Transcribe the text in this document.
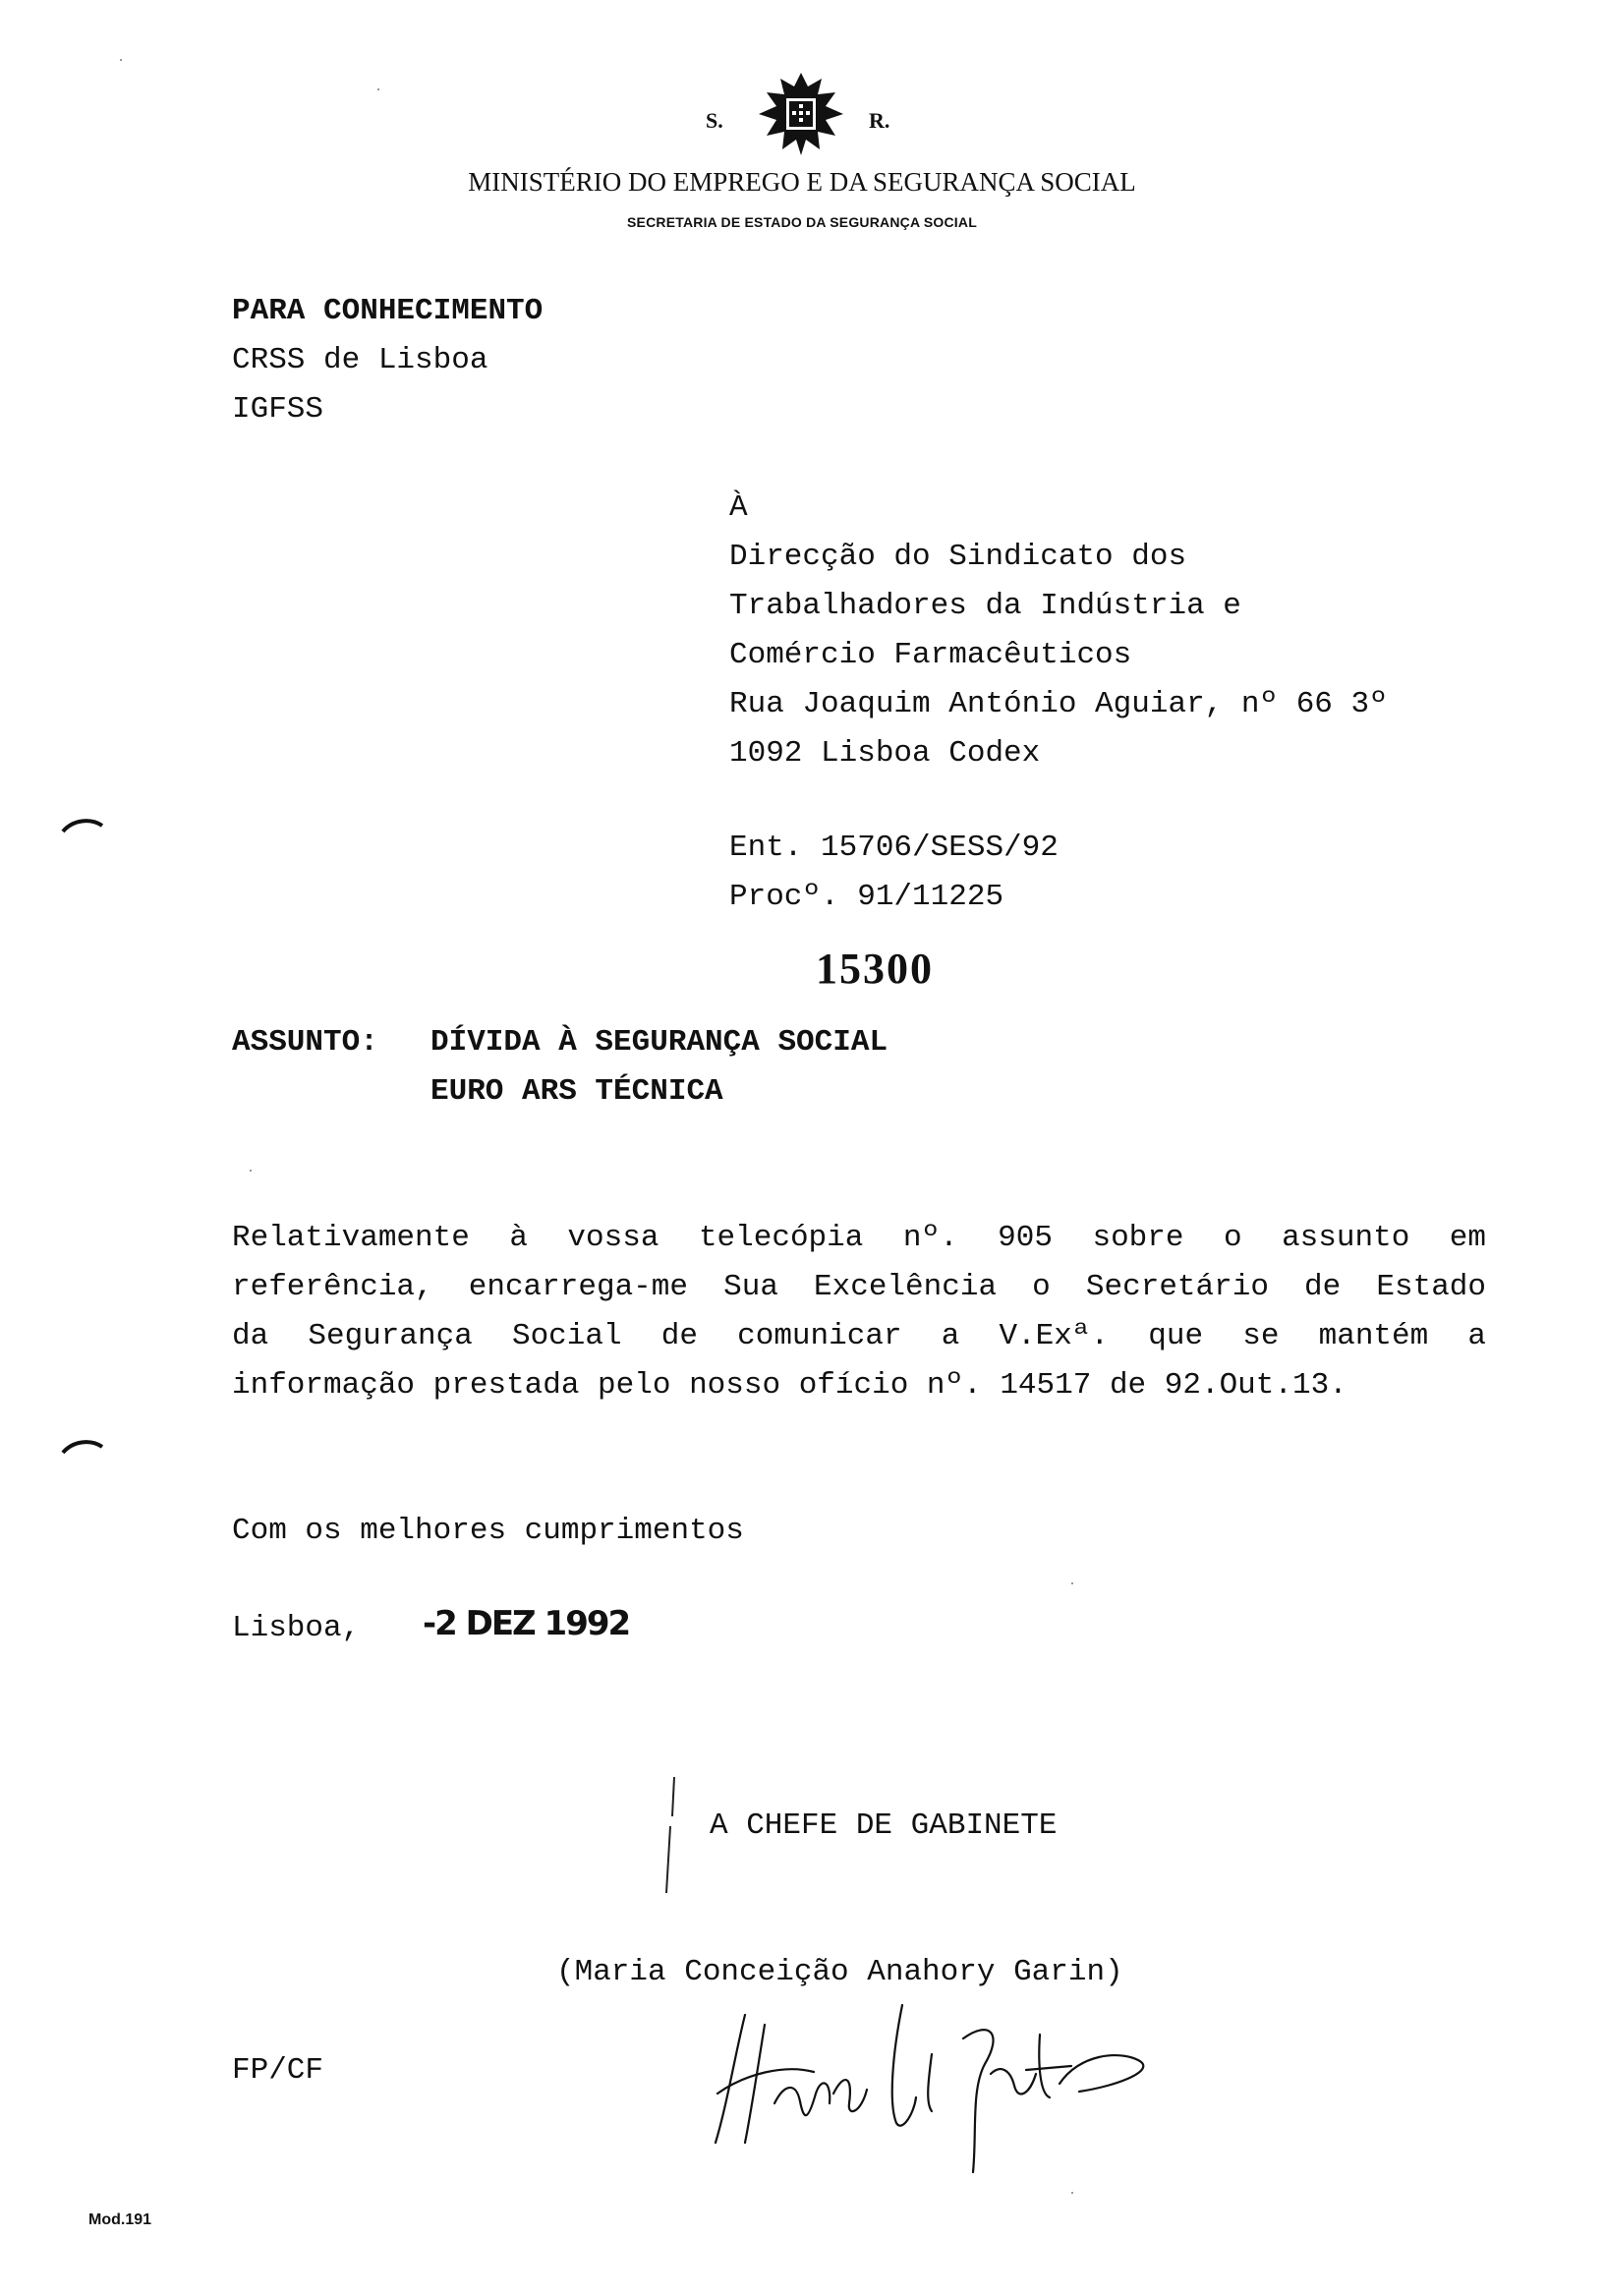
S.	R.
MINISTÉRIO DO EMPREGO E DA SEGURANÇA SOCIAL
SECRETARIA DE ESTADO DA SEGURANÇA SOCIAL
PARA CONHECIMENTO
CRSS de Lisboa
IGFSS
À
Direcção do Sindicato dos
Trabalhadores da Indústria e
Comércio Farmacêuticos
Rua Joaquim António Aguiar, nº 66 3º
1092 Lisboa Codex
Ent. 15706/SESS/92
Procº. 91/11225
15300
ASSUNTO: DÍVIDA À SEGURANÇA SOCIAL
EURO ARS TÉCNICA
Relativamente à vossa telecópia nº. 905 sobre o assunto em
referência, encarrega-me Sua Excelência o Secretário de Estado
da Segurança Social de comunicar a V.Exª. que se mantém a
informação prestada pelo nosso ofício nº. 14517 de 92.Out.13.
Com os melhores cumprimentos
Lisboa, -2 DEZ 1992
A CHEFE DE GABINETE
(Maria Conceição Anahory Garin)
FP/CF
Mod.191
